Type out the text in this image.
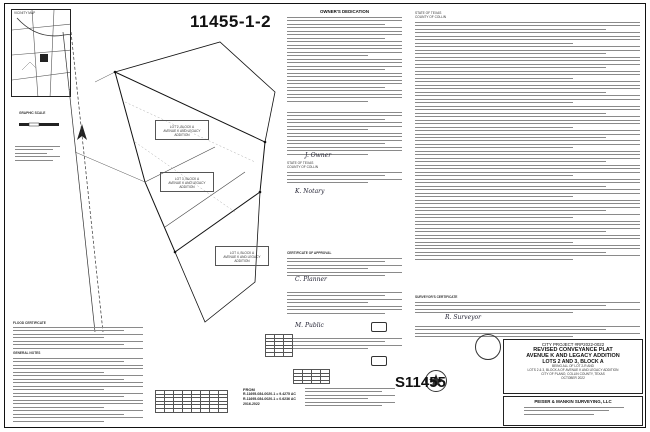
VICINITY MAP	11455-1-2
GRAPHIC SCALE

LOT 2, BLOCK A
AVENUE K AND LEGACY ADDITION

LOT 3, BLOCK A
AVENUE K AND LEGACY ADDITION

LOT 4, BLOCK A
AVENUE K AND LEGACY ADDITION

OWNER'S DEDICATION
J. Owner
STATE OF TEXAS
COUNTY OF COLLIN
K. Notary
CERTIFICATE OF APPROVAL
C. Planner
M. Public
STATE OF TEXAS
COUNTY OF COLLIN
SURVEYOR'S CERTIFICATE
R. Surveyor
CITY PROJECT #RP2022-0022
REVISED CONVEYANCE PLAT
AVENUE K AND LEGACY ADDITION
LOTS 2 AND 3, BLOCK A
BEING ALL OF LOT 2-R AND
LOTS 2 & 3, BLOCK A OF AVENUE K AND LEGACY ADDITION
CITY OF PLANO, COLLIN COUNTY, TEXAS
OCTOBER 2022
S11455
PEISER & MANKIN SURVEYING, LLC
FROM
R-11695-084-0020-1 = 9.4275 AC
R-11695-084-0020-1 = 0.6236 AC
2016-2022
FLOOD CERTIFICATE
GENERAL NOTES
